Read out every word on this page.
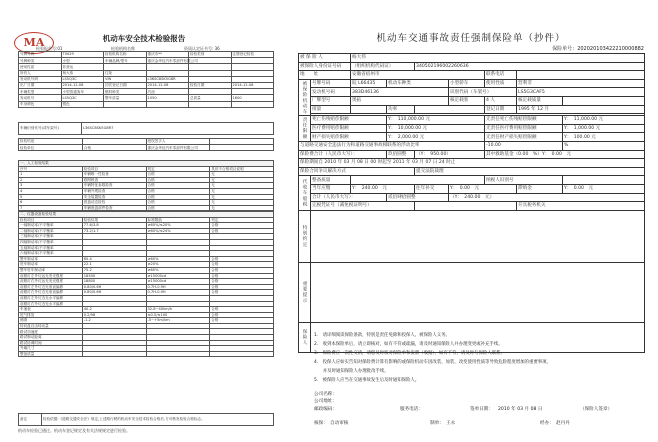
MA	机动车安全技术检验报告
检验报告号:01	检验机构名称	资质认定证书号: 36
号牌号码	T0029	检验机构名称	重庆市**	检验类别	注册登记检验
号牌种类	小型	车辆品牌/型号	重庆金华佳汽车零部件有限公司		
使用性质	非营运				
所有人	杨大伟	住址			
发动机号码	LS5Q3C	VIN	L36SC8SK5G8R		
出厂日期	2014-12-08	初次登记日期	2014-12-08	检验日期	2014-12-08
车辆类型	小型普通客车	燃料种类	汽油		
发动机号	LS5Q3C	整车质量	1050	总质量	1600
车身颜色	银色				
车辆识别代号(或车架号)	L36SC8SK5G8R7
检验结论		授权签字人	
检验单位	合格	重庆金华佳汽车零部件有限公司	
一、人工检验结果			
序号	检验项目	判定	具体不合格项目说明
1	车辆唯一性检查	合格	无
2	联网核查	合格	无
3	车辆特征参数检查	合格	无
4	车辆外观检查	合格	无
5	安全装置检查	合格	无
6	底盘动态检验	合格	无
7	车辆底盘部件检查	合格	无
二、仪器设备检验结果			
检验项目	检验结果	标准限值	判定
一轴制动率/不平衡率	77.6/3.8	≥60%/≤20%	合格
二轴制动率/不平衡率	73.2/1.7	≥60%/≤24%	合格
三轴制动率/不平衡率			
四轴制动率/不平衡率			
五轴制动率/不平衡率			
六轴制动率/不平衡率			
整车制动率	65.4	≥60%	合格
驻车制动率	22.1	≥20%	合格
整车驻车制动率	75.2	≥60%	合格
前照灯左外灯远光发光强度	18500	≥15000cd	合格
前照灯右外灯远光发光强度	18800	≥15000cd	合格
前照灯左外灯近光垂直偏移	0.80/0.6H	0.7H-0.9H	合格
前照灯右外灯近光垂直偏移	0.80/0.6H	0.7H-0.9H	合格
前照灯左外灯近光水平偏移			
前照灯右外灯近光水平偏移			
车速表	40.2	32.8~40km/h	合格
尾气排放	0.2/98	≤0.5/≤100	合格
侧滑	-1.2	-5~+5m/km	合格
转向盘自由转动量			
路试初速度			
路试制动距离			
路试协调时间			
外廓尺寸			
整备质量			
备注	检验依据:《道路交通安全法》规定,上述路行驶的机动车安全技术检验合格后,方可核发检验合格标志。
机动车检验已通过。机动车登记规定及有关法规规定进行检验。
机动车交通事故责任强制保险单（抄件）
保险单号：202020103422210000882
被 保 险 人		杨大伟						
被保险人身份证号码		（组织机构代码证）		340502196002260636				
地　　址		安徽省宿州市				联系电话		
被保险机动车	号牌号码	皖 L66435	机动车种类		小型轿车	使用性质	营利非	
	发动机号码	383D46136			识别代码（车架号）		LS5G3CAF5	
	厂牌型号	奥拓			核定载客	4 人	核定载质量	
	排量		功率			登记日期	1995 年 12 月	

责任限额	死亡伤残赔偿限额		Y：　110,000.00 元			无责任死亡伤残赔偿限额		Y：　11,000.00 元
	医疗费用赔偿限额		Y：　10,000.00 元			无责任医疗费用赔偿限额		Y：　1,000.00 元
	财产损失赔偿限额		Y：　2,000.00 元			无责任财产损失赔偿限额		Y：　100.00 元
与道路交通安全违法行为和道路交通事故相联系的浮动比率						-10.00		%
保险费合计（人民币大写）：			玖佰圆整	（Y：　950.00）		其中救助基金（0.00　%）Y：　0.00　元		
保险期间自 2010 年 03 月 08 日 00 时起至 2011 年 03 月 07 日 24 时止								
保险合同争议解决方式				提交法院裁理				
代收车船税	整备质量					纳税人识别号		
	当年应缴	Y：　240.00　元		往年补交	Y：　0.00　元		滞纳金	Y：　0.00　元
	合计（人民币大写）：		贰佰肆拾圆整		（Y：　240.00　元）			
	完税凭证号（减免税证明号）						开具税务机关	
特别约定								
重要提示								
保险人								1.　请详细阅读保险条款，特别是责任免除和投保人、被保险人义务。
2.　收到本保险单后，请立即核对，如有不符或疏漏，请及时通知保险人并办理变更或补充手续。
3.　保险费应一次性交清，请您及时核对保险单和发票（收据），如有不符，请及时与保险人联系。
4.　投保人应如实告知对保险费计算有影响的或保险机动车因改装、加装、改变使用性质等导致危险程度增加的重要事项，
　　并及时通知保险人办理批改手续。
5.　被保险人应当在交通事故发生后及时通知保险人。
公司名称：
公司地址：
邮政编码：	服务电话：	签单日期： 2010 年 03 月 08 日	（保险人签章）
核保： 自动审核	制单： 王永	经办： 赵丹丹
